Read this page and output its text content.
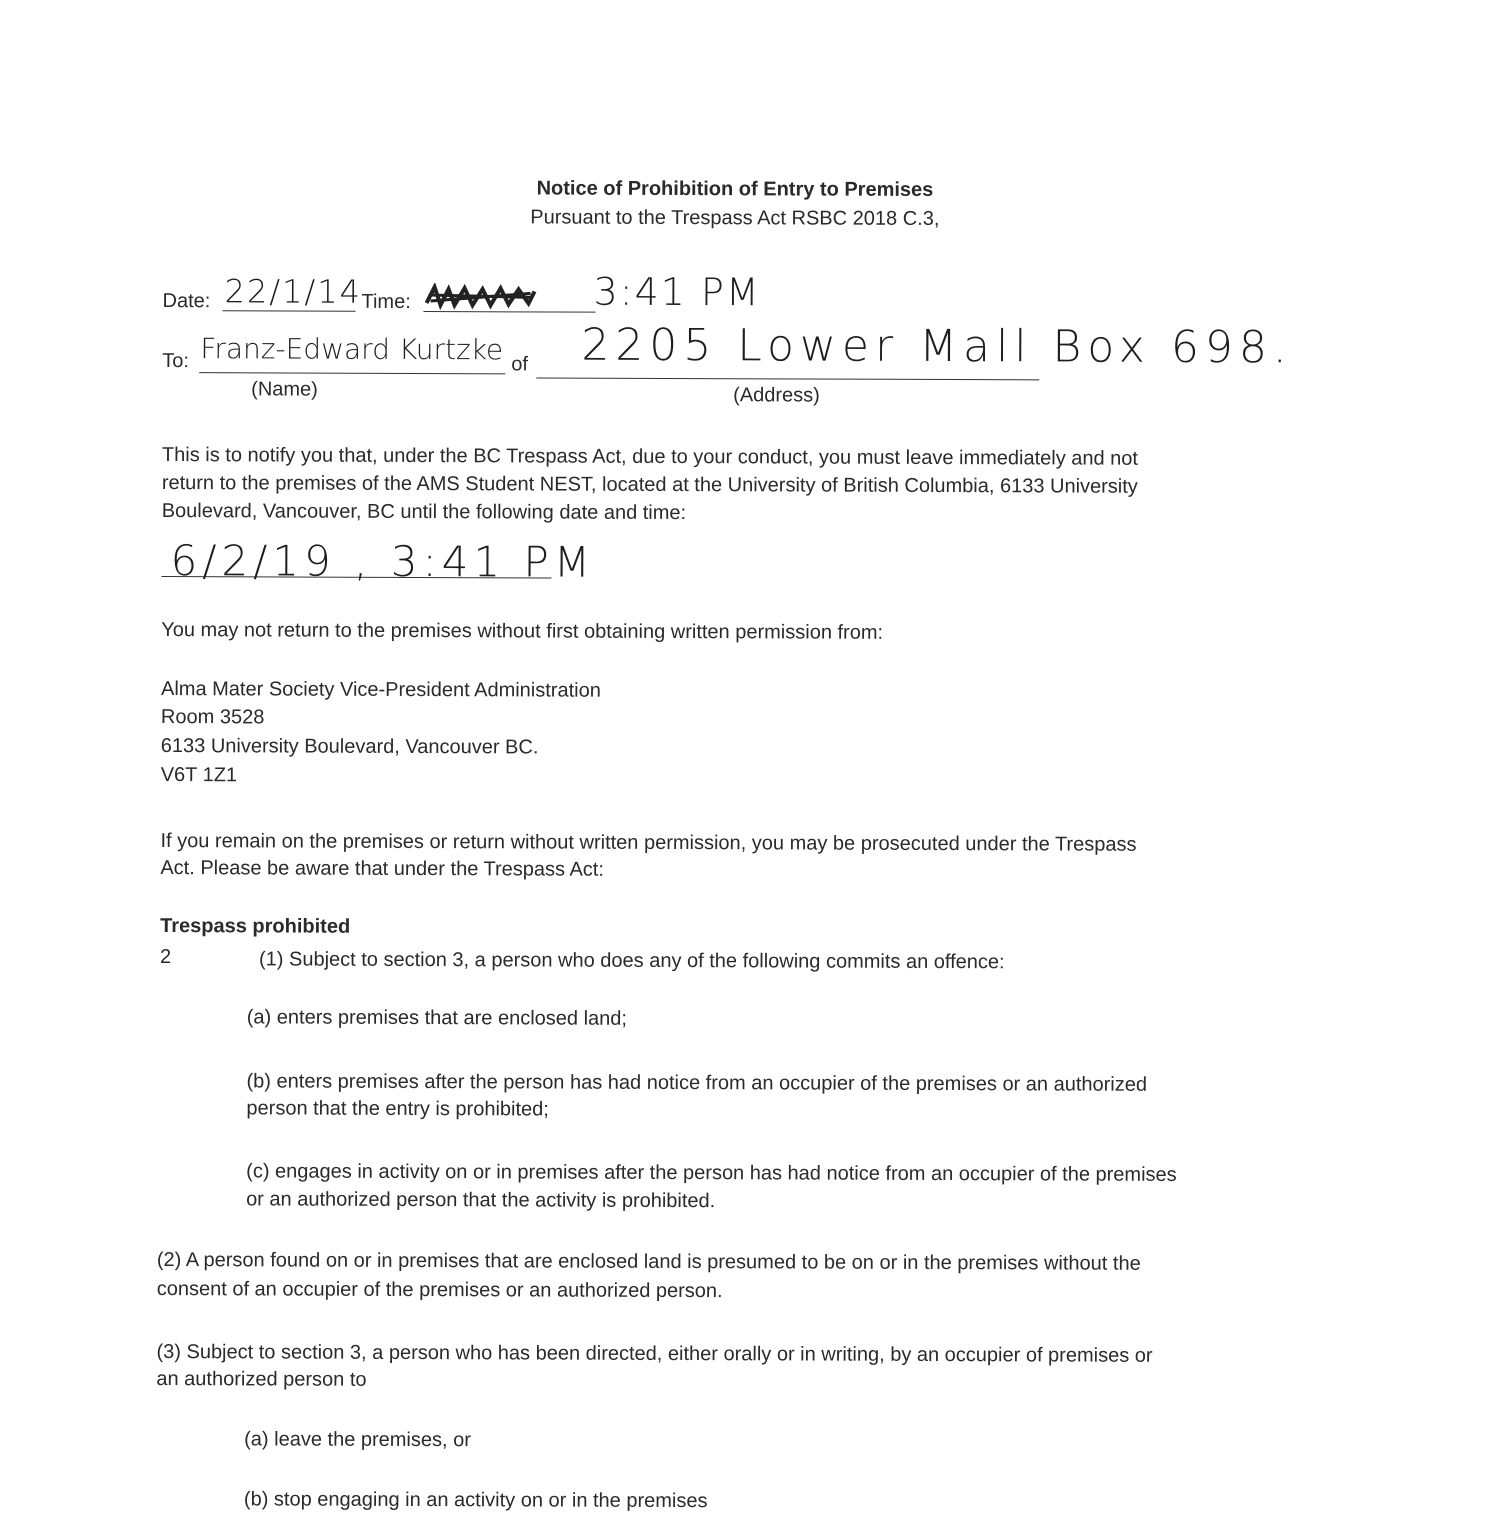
Notice of Prohibition of Entry to Premises
Pursuant to the Trespass Act RSBC 2018 C.3,
Date: 22/1/14 Time:	3:41 PM
To: Franz-Edward Kurtzke of 2205 Lower Mall Box 698.
(Name)	(Address)
This is to notify you that, under the BC Trespass Act, due to your conduct, you must leave immediately and not
return to the premises of the AMS Student NEST, located at the University of British Columbia, 6133 University
Boulevard, Vancouver, BC until the following date and time:
6/2/19 , 3:41 PM
You may not return to the premises without first obtaining written permission from:
Alma Mater Society Vice-President Administration
Room 3528
6133 University Boulevard, Vancouver BC.
V6T 1Z1
If you remain on the premises or return without written permission, you may be prosecuted under the Trespass
Act. Please be aware that under the Trespass Act:
Trespass prohibited
2	(1) Subject to section 3, a person who does any of the following commits an offence:
(a) enters premises that are enclosed land;
(b) enters premises after the person has had notice from an occupier of the premises or an authorized
person that the entry is prohibited;
(c) engages in activity on or in premises after the person has had notice from an occupier of the premises
or an authorized person that the activity is prohibited.
(2) A person found on or in premises that are enclosed land is presumed to be on or in the premises without the
consent of an occupier of the premises or an authorized person.
(3) Subject to section 3, a person who has been directed, either orally or in writing, by an occupier of premises or
an authorized person to
(a) leave the premises, or
(b) stop engaging in an activity on or in the premises
